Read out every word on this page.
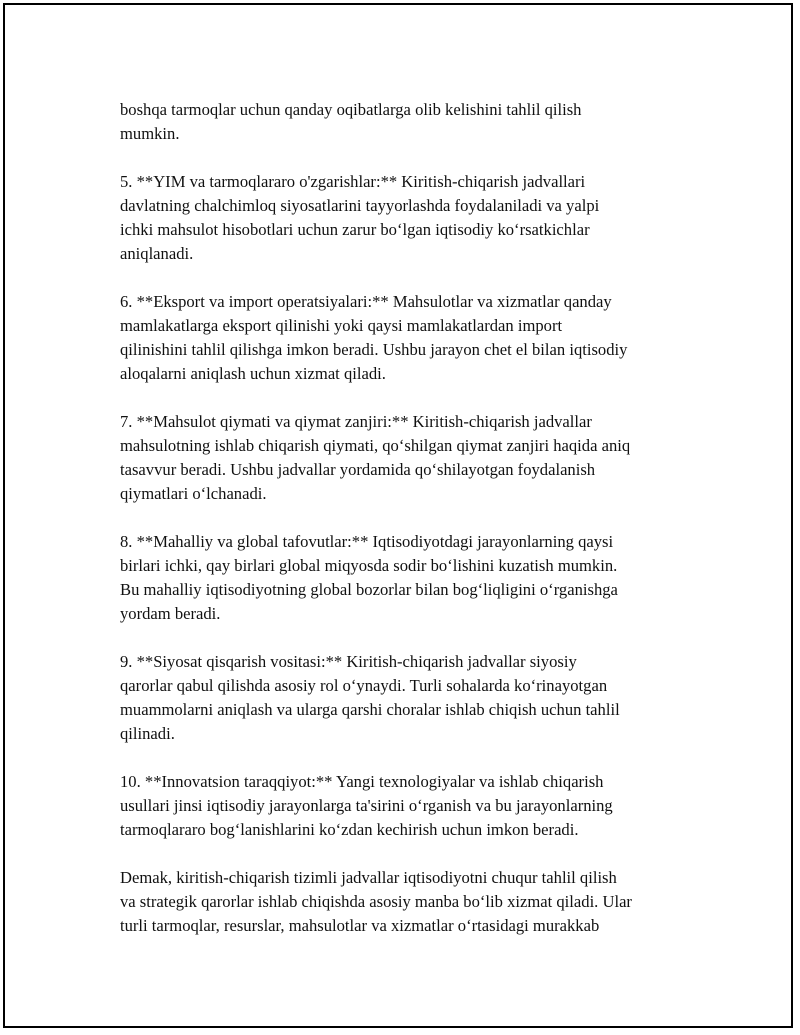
boshqa tarmoqlar uchun qanday oqibatlarga olib kelishini tahlil qilish
mumkin.

5. **YIM va tarmoqlararo o'zgarishlar:** Kiritish-chiqarish jadvallari
davlatning chalchimloq siyosatlarini tayyorlashda foydalaniladi va yalpi
ichki mahsulot hisobotlari uchun zarur bo‘lgan iqtisodiy ko‘rsatkichlar
aniqlanadi.

6. **Eksport va import operatsiyalari:** Mahsulotlar va xizmatlar qanday
mamlakatlarga eksport qilinishi yoki qaysi mamlakatlardan import
qilinishini tahlil qilishga imkon beradi. Ushbu jarayon chet el bilan iqtisodiy
aloqalarni aniqlash uchun xizmat qiladi.

7. **Mahsulot qiymati va qiymat zanjiri:** Kiritish-chiqarish jadvallar
mahsulotning ishlab chiqarish qiymati, qo‘shilgan qiymat zanjiri haqida aniq
tasavvur beradi. Ushbu jadvallar yordamida qo‘shilayotgan foydalanish
qiymatlari o‘lchanadi.

8. **Mahalliy va global tafovutlar:** Iqtisodiyotdagi jarayonlarning qaysi
birlari ichki, qay birlari global miqyosda sodir bo‘lishini kuzatish mumkin.
Bu mahalliy iqtisodiyotning global bozorlar bilan bog‘liqligini o‘rganishga
yordam beradi.

9. **Siyosat qisqarish vositasi:** Kiritish-chiqarish jadvallar siyosiy
qarorlar qabul qilishda asosiy rol o‘ynaydi. Turli sohalarda ko‘rinayotgan
muammolarni aniqlash va ularga qarshi choralar ishlab chiqish uchun tahlil
qilinadi.

10. **Innovatsion taraqqiyot:** Yangi texnologiyalar va ishlab chiqarish
usullari jinsi iqtisodiy jarayonlarga ta'sirini o‘rganish va bu jarayonlarning
tarmoqlararo bog‘lanishlarini ko‘zdan kechirish uchun imkon beradi.

Demak, kiritish-chiqarish tizimli jadvallar iqtisodiyotni chuqur tahlil qilish
va strategik qarorlar ishlab chiqishda asosiy manba bo‘lib xizmat qiladi. Ular
turli tarmoqlar, resurslar, mahsulotlar va xizmatlar o‘rtasidagi murakkab
